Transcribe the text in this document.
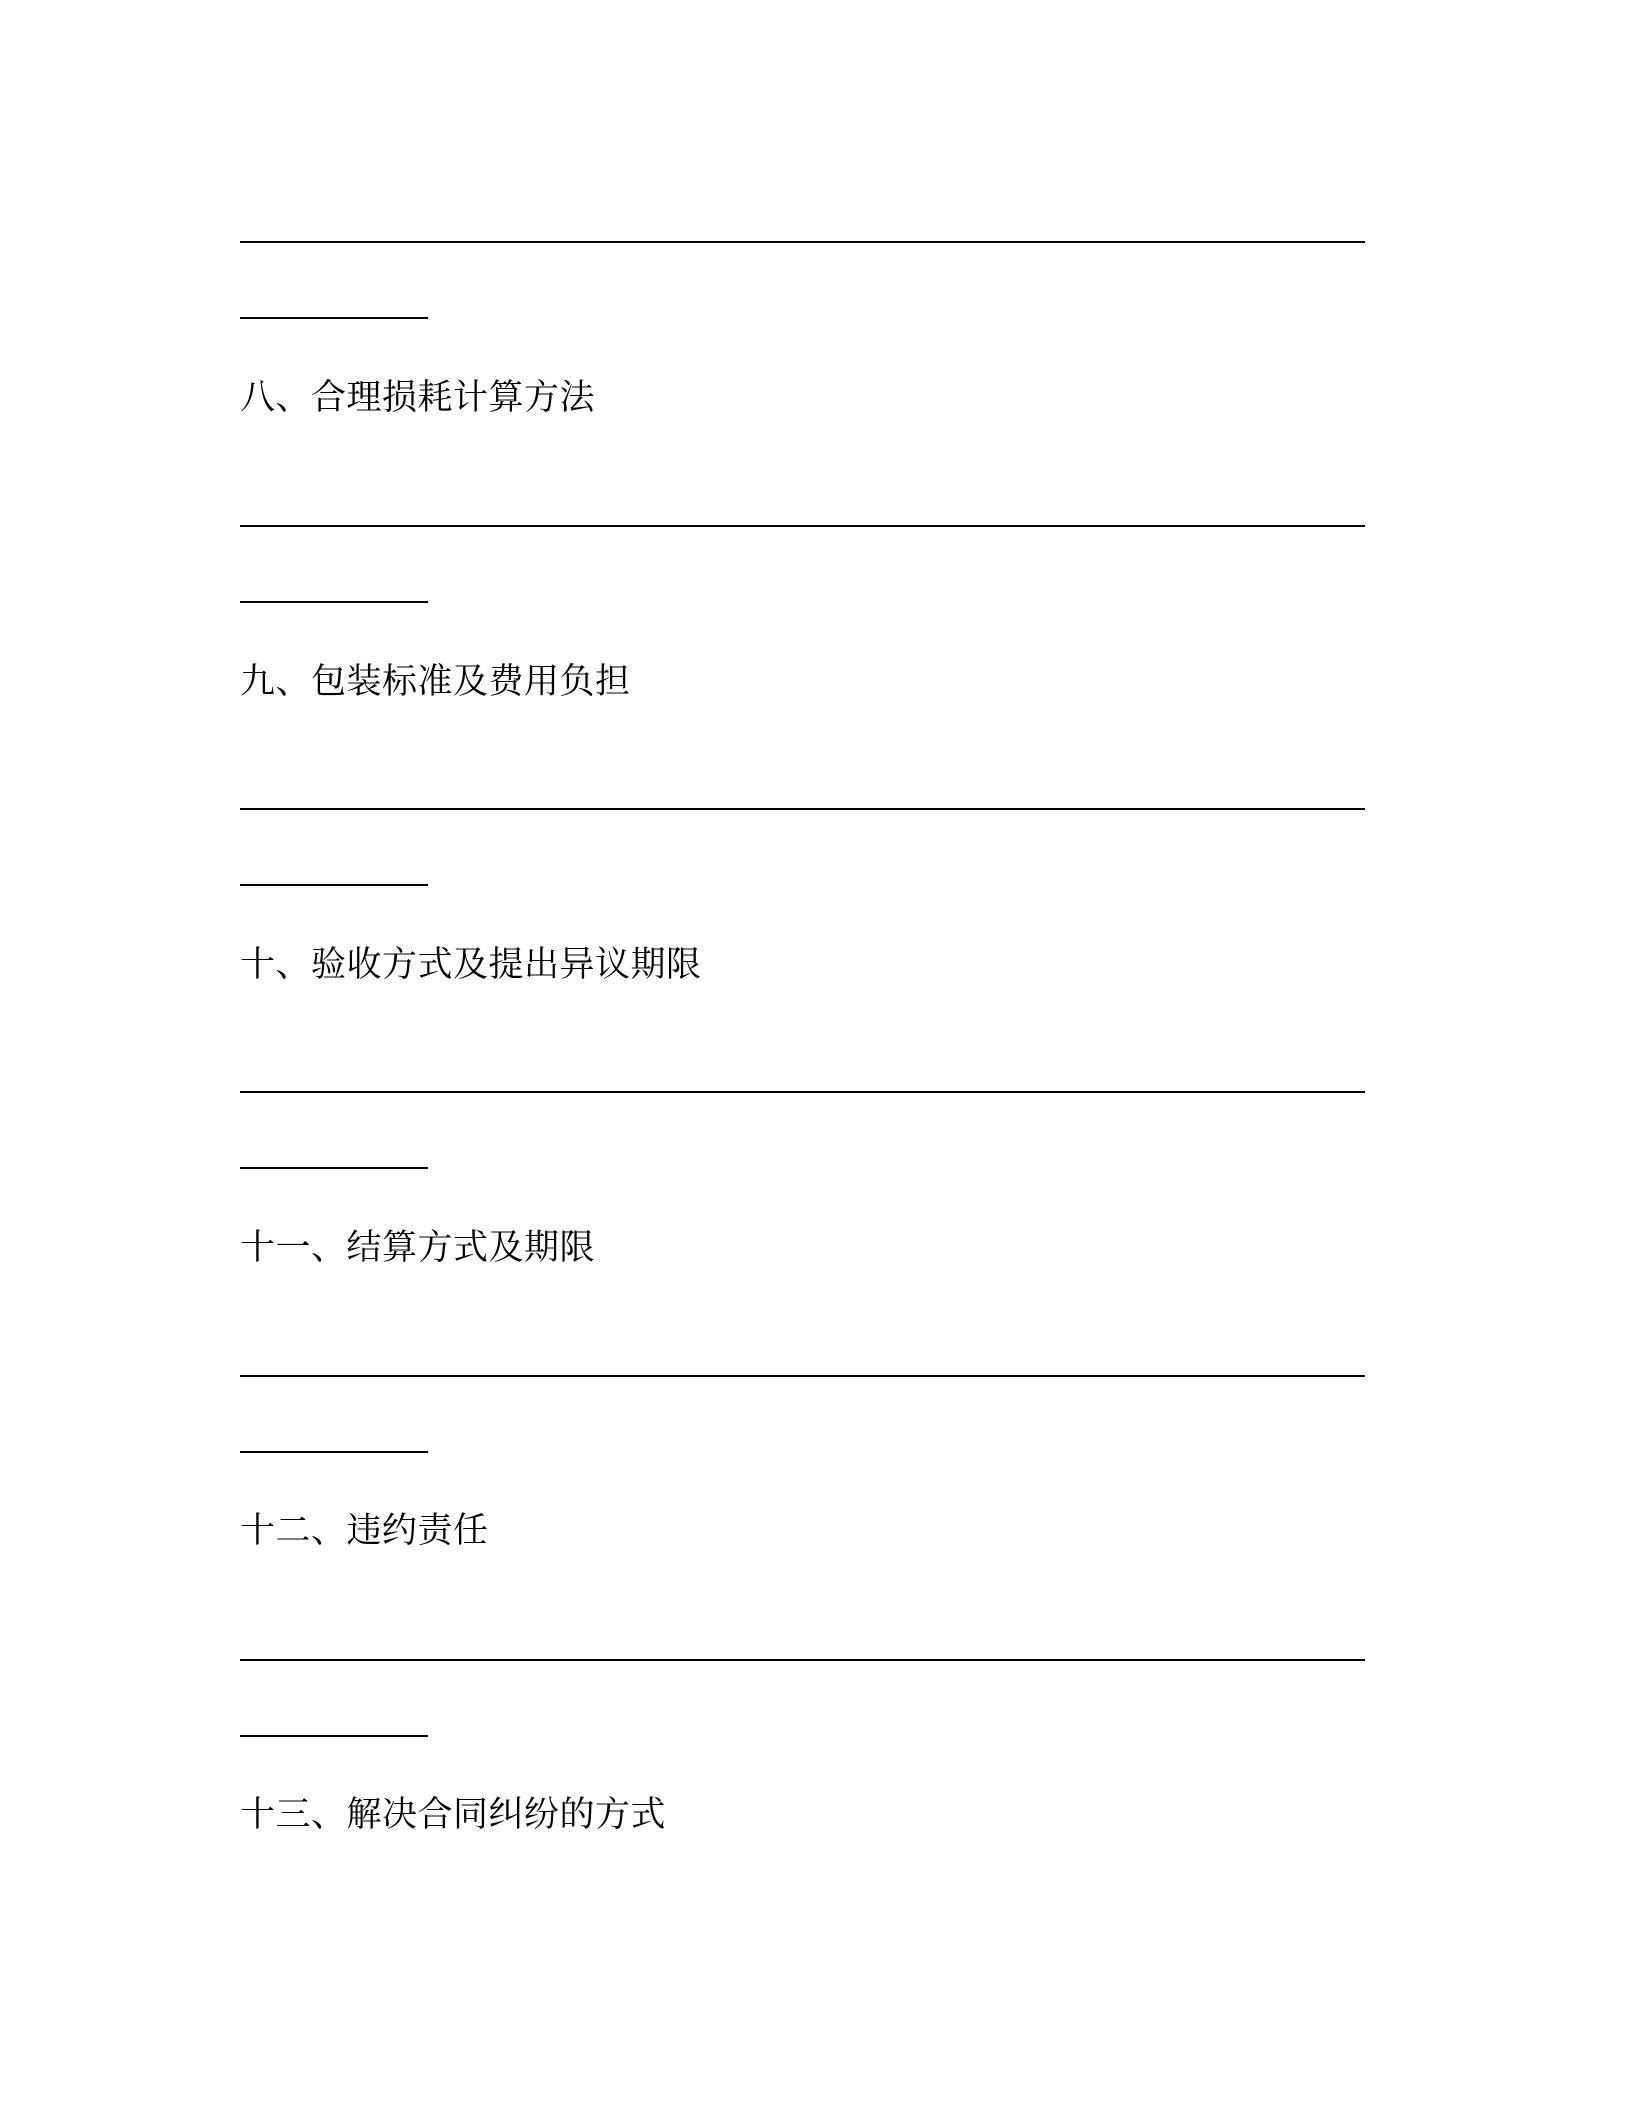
八、合理损耗计算方法
九、包装标准及费用负担
十、验收方式及提出异议期限
十一、结算方式及期限
十二、违约责任
十三、解决合同纠纷的方式
